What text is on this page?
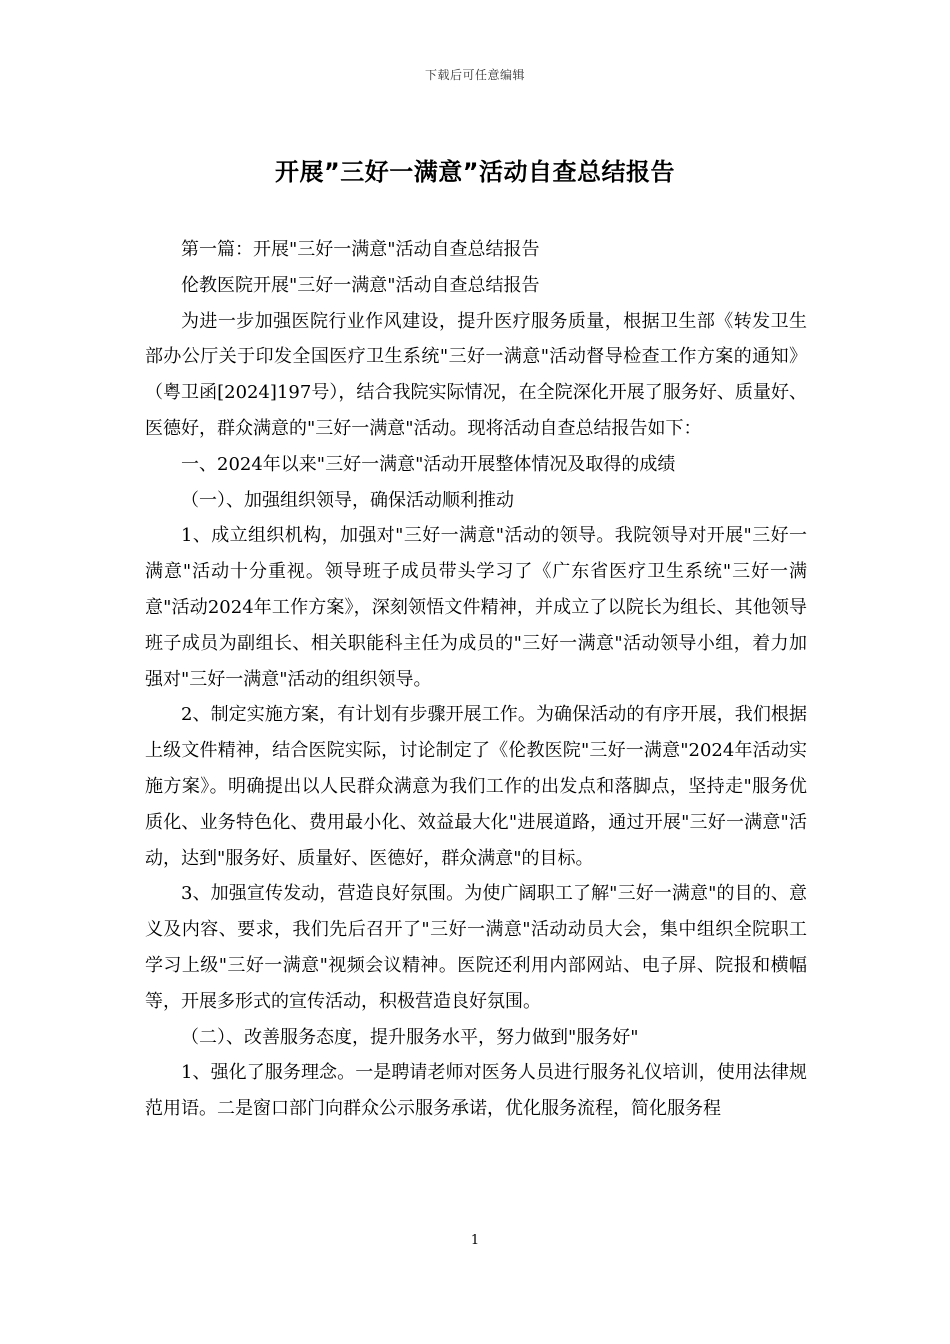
下载后可任意编辑
开展”三好一满意”活动自查总结报告

第一篇：开展"三好一满意"活动自查总结报告

伦教医院开展"三好一满意"活动自查总结报告

为进一步加强医院行业作风建设，提升医疗服务质量，根据卫生部《转发卫生部办公厅关于印发全国医疗卫生系统"三好一满意"活动督导检查工作方案的通知》（粤卫函[2024]197号），结合我院实际情况，在全院深化开展了服务好、质量好、医德好，群众满意的"三好一满意"活动。现将活动自查总结报告如下：

一、2024年以来"三好一满意"活动开展整体情况及取得的成绩

（一）、加强组织领导，确保活动顺利推动

1、成立组织机构，加强对"三好一满意"活动的领导。我院领导对开展"三好一满意"活动十分重视。领导班子成员带头学习了《广东省医疗卫生系统"三好一满意"活动2024年工作方案》，深刻领悟文件精神，并成立了以院长为组长、其他领导班子成员为副组长、相关职能科主任为成员的"三好一满意"活动领导小组，着力加强对"三好一满意"活动的组织领导。

2、制定实施方案，有计划有步骤开展工作。为确保活动的有序开展，我们根据上级文件精神，结合医院实际，讨论制定了《伦教医院"三好一满意"2024年活动实施方案》。明确提出以人民群众满意为我们工作的出发点和落脚点，坚持走"服务优质化、业务特色化、费用最小化、效益最大化"进展道路，通过开展"三好一满意"活动，达到"服务好、质量好、医德好，群众满意"的目标。

3、加强宣传发动，营造良好氛围。为使广阔职工了解"三好一满意"的目的、意义及内容、要求，我们先后召开了"三好一满意"活动动员大会，集中组织全院职工学习上级"三好一满意"视频会议精神。医院还利用内部网站、电子屏、院报和横幅等，开展多形式的宣传活动，积极营造良好氛围。

（二）、改善服务态度，提升服务水平，努力做到"服务好"

1、强化了服务理念。一是聘请老师对医务人员进行服务礼仪培训，使用法律规范用语。二是窗口部门向群众公示服务承诺，优化服务流程，简化服务程

1
